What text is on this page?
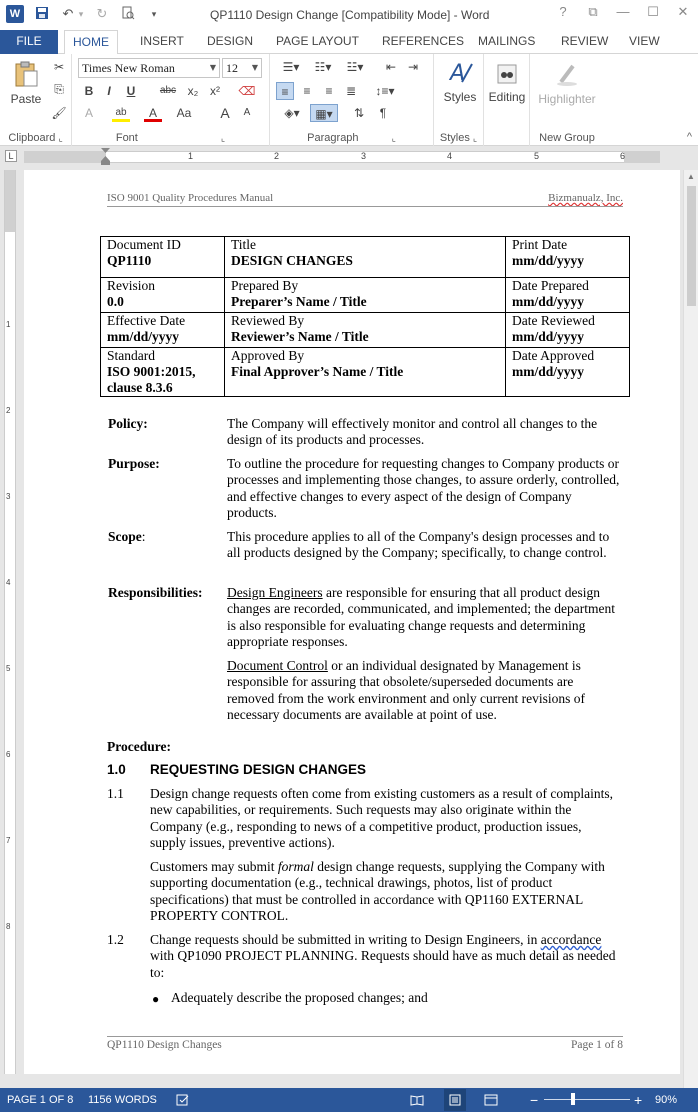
W	↶ ▾ ↻	▾	QP1110 Design Change [Compatibility Mode] - Word	?	⧉	—	☐	✕
FILE	HOME	INSERT	DESIGN	PAGE LAYOUT	REFERENCES	MAILINGS	REVIEW	VIEW
Paste
✂
⎘
🖌
Clipboard ⌞
Times New Roman	▼ 12 ▼
B	I	U	abc x₂ x²	⌫
A	ab	A	Aa	A	A
Font	⌞
☰▾	☷▾	☳▾	⇤ ⇥
≡	≡	≡	≣	↕≡▾
◈▾	▦▾	⇅	¶
Paragraph	⌞
A
Styles
Styles ⌞
Editing	Highlighter
New Group	^
1	2	3	4	5	6
L
1
2
3
4
5
6
7
8
ISO 9001 Quality Procedures Manual	Bizmanualz, Inc.
Document ID
QP1110	Title
DESIGN CHANGES	Print Date
mm/dd/yyyy

Revision
0.0	Prepared By
Preparer’s Name / Title	Date Prepared
mm/dd/yyyy

Effective Date
mm/dd/yyyy	Reviewed By
Reviewer’s Name / Title	Date Reviewed
mm/dd/yyyy

Standard
ISO 9001:2015, clause 8.3.6	Approved By
Final Approver’s Name / Title	Date Approved
mm/dd/yyyy
Policy:	The Company will effectively monitor and control all changes to the design of its products and processes.
Purpose:	To outline the procedure for requesting changes to Company products or processes and implementing those changes, to assure orderly, controlled, and effective changes to every aspect of the design of Company products.
Scope:	This procedure applies to all of the Company's design processes and to all products designed by the Company; specifically, to change control.
Responsibilities: Design Engineers are responsible for ensuring that all product design changes are recorded, communicated, and implemented; the department is also responsible for evaluating change requests and determining appropriate responses.
Document Control or an individual designated by Management is responsible for assuring that obsolete/superseded documents are removed from the work environment and only current revisions of necessary documents are available at point of use.
Procedure:
1.0 REQUESTING DESIGN CHANGES
1.1 Design change requests often come from existing customers as a result of complaints, new capabilities, or requirements. Such requests may also originate within the Company (e.g., responding to news of a competitive product, production issues, supply issues, preventive actions).
Customers may submit formal design change requests, supplying the Company with supporting documentation (e.g., technical drawings, photos, list of product specifications) that must be controlled in accordance with QP1160 EXTERNAL PROPERTY CONTROL.
1.2 Change requests should be submitted in writing to Design Engineers, in accordance with QP1090 PROJECT PLANNING. Requests should have as much detail as needed to:
● Adequately describe the proposed changes; and
QP1110 Design Changes	Page 1 of 8
▲
PAGE 1 OF 8 1156 WORDS	−	+ 90%
